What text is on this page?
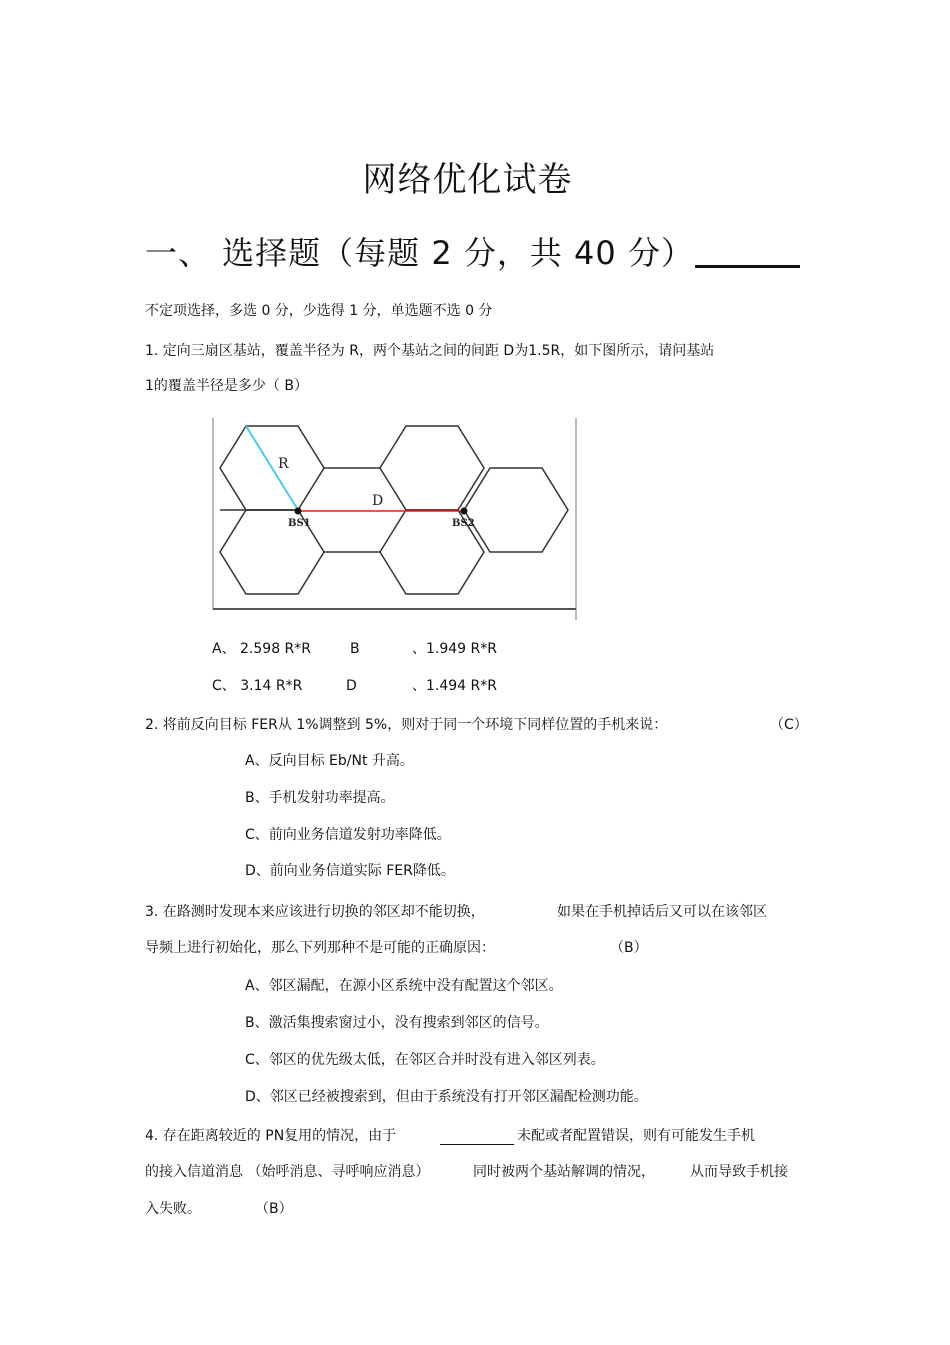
网络优化试卷
一、 选择题（每题 2 分，共 40 分）
不定项选择，多选 0 分，少选得 1 分，单选题不选 0 分
1. 定向三扇区基站，覆盖半径为 R，两个基站之间的间距 D为1.5R，如下图所示，请问基站
1的覆盖半径是多少（ B）
R
D
BS1	BS2
A、 2.598 R*R	B	、1.949 R*R
C、 3.14 R*R	D	、1.494 R*R
2. 将前反向目标 FER从 1%调整到 5%，则对于同一个环境下同样位置的手机来说：	（C）
A、反向目标 Eb/Nt 升高。
B、手机发射功率提高。
C、前向业务信道发射功率降低。
D、前向业务信道实际 FER降低。
3. 在路测时发现本来应该进行切换的邻区却不能切换，	如果在手机掉话后又可以在该邻区
导频上进行初始化，那么下列那种不是可能的正确原因：	（B）
A、邻区漏配，在源小区系统中没有配置这个邻区。
B、激活集搜索窗过小，没有搜索到邻区的信号。
C、邻区的优先级太低，在邻区合并时没有进入邻区列表。
D、邻区已经被搜索到，但由于系统没有打开邻区漏配检测功能。
4. 存在距离较近的 PN复用的情况，由于	未配或者配置错误，则有可能发生手机
的接入信道消息 （始呼消息、寻呼响应消息）	同时被两个基站解调的情况，	从而导致手机接
入失败。	（B）
